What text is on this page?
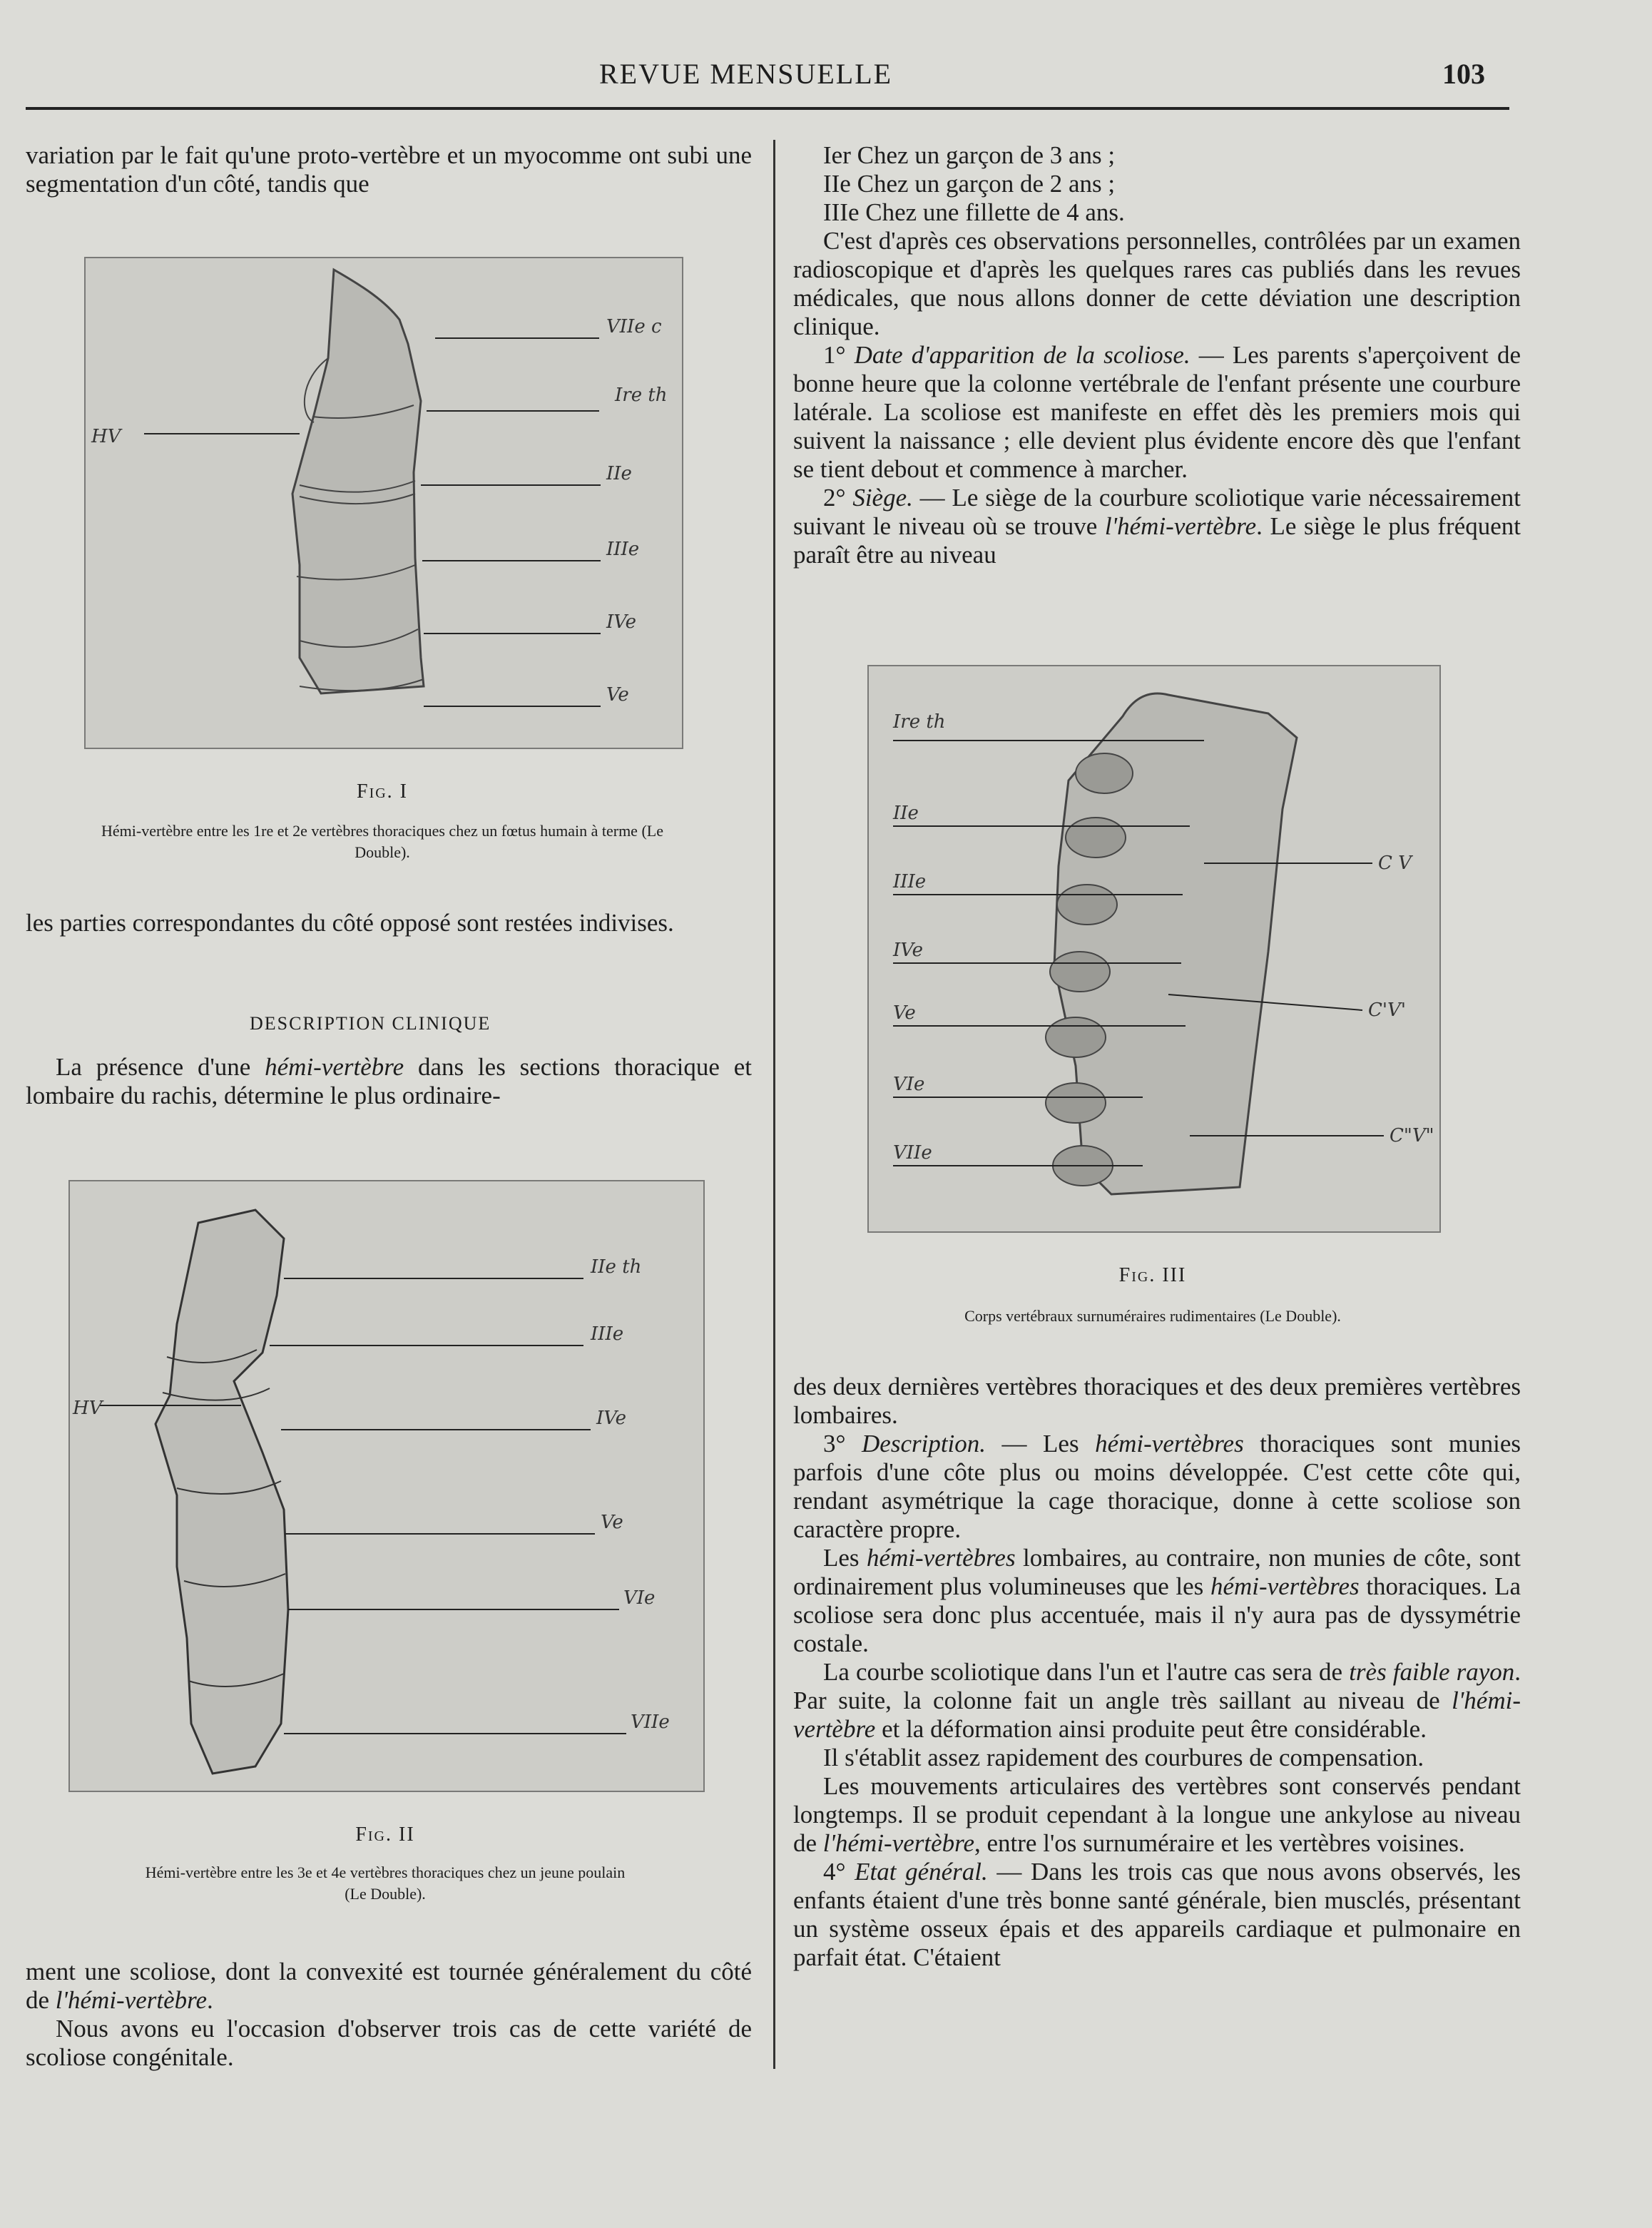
REVUE MENSUELLE	103

variation par le fait qu'une proto-vertèbre et un myocomme ont subi une segmentation d'un côté, tandis que

VIIe c
Ire th
IIe
IIIe
IVe
Ve
HV
Fig. I
Hémi-vertèbre entre les 1re et 2e vertèbres thoraciques chez un fœtus humain à terme (Le Double).

les parties correspondantes du côté opposé sont restées indivises.

DESCRIPTION CLINIQUE

La présence d'une hémi-vertèbre dans les sections thoracique et lombaire du rachis, détermine le plus ordinaire-

IIe th
IIIe
IVe
Ve
VIe
VIIe
HV
Fig. II
Hémi-vertèbre entre les 3e et 4e vertèbres thoraciques chez un jeune poulain (Le Double).

ment une scoliose, dont la convexité est tournée généralement du côté de l'hémi-vertèbre.

Nous avons eu l'occasion d'observer trois cas de cette variété de scoliose congénitale.

Ier Chez un garçon de 3 ans ;

IIe Chez un garçon de 2 ans ;

IIIe Chez une fillette de 4 ans.

C'est d'après ces observations personnelles, contrôlées par un examen radioscopique et d'après les quelques rares cas publiés dans les revues médicales, que nous allons donner de cette déviation une description clinique.

1° Date d'apparition de la scoliose. — Les parents s'aperçoivent de bonne heure que la colonne vertébrale de l'enfant présente une courbure latérale. La scoliose est manifeste en effet dès les premiers mois qui suivent la naissance ; elle devient plus évidente encore dès que l'enfant se tient debout et commence à marcher.

2° Siège. — Le siège de la courbure scoliotique varie nécessairement suivant le niveau où se trouve l'hémi-vertèbre. Le siège le plus fréquent paraît être au niveau

Ire th
IIe
IIIe
IVe
Ve
VIe
VIIe
C V
C'V'
C"V"
Fig. III
Corps vertébraux surnuméraires rudimentaires (Le Double).

des deux dernières vertèbres thoraciques et des deux premières vertèbres lombaires.

3° Description. — Les hémi-vertèbres thoraciques sont munies parfois d'une côte plus ou moins développée. C'est cette côte qui, rendant asymétrique la cage thoracique, donne à cette scoliose son caractère propre.

Les hémi-vertèbres lombaires, au contraire, non munies de côte, sont ordinairement plus volumineuses que les hémi-vertèbres thoraciques. La scoliose sera donc plus accentuée, mais il n'y aura pas de dyssymétrie costale.

La courbe scoliotique dans l'un et l'autre cas sera de très faible rayon. Par suite, la colonne fait un angle très saillant au niveau de l'hémi-vertèbre et la déformation ainsi produite peut être considérable.

Il s'établit assez rapidement des courbures de compensation.

Les mouvements articulaires des vertèbres sont conservés pendant longtemps. Il se produit cependant à la longue une ankylose au niveau de l'hémi-vertèbre, entre l'os surnuméraire et les vertèbres voisines.

4° Etat général. — Dans les trois cas que nous avons observés, les enfants étaient d'une très bonne santé générale, bien musclés, présentant un système osseux épais et des appareils cardiaque et pulmonaire en parfait état. C'étaient
